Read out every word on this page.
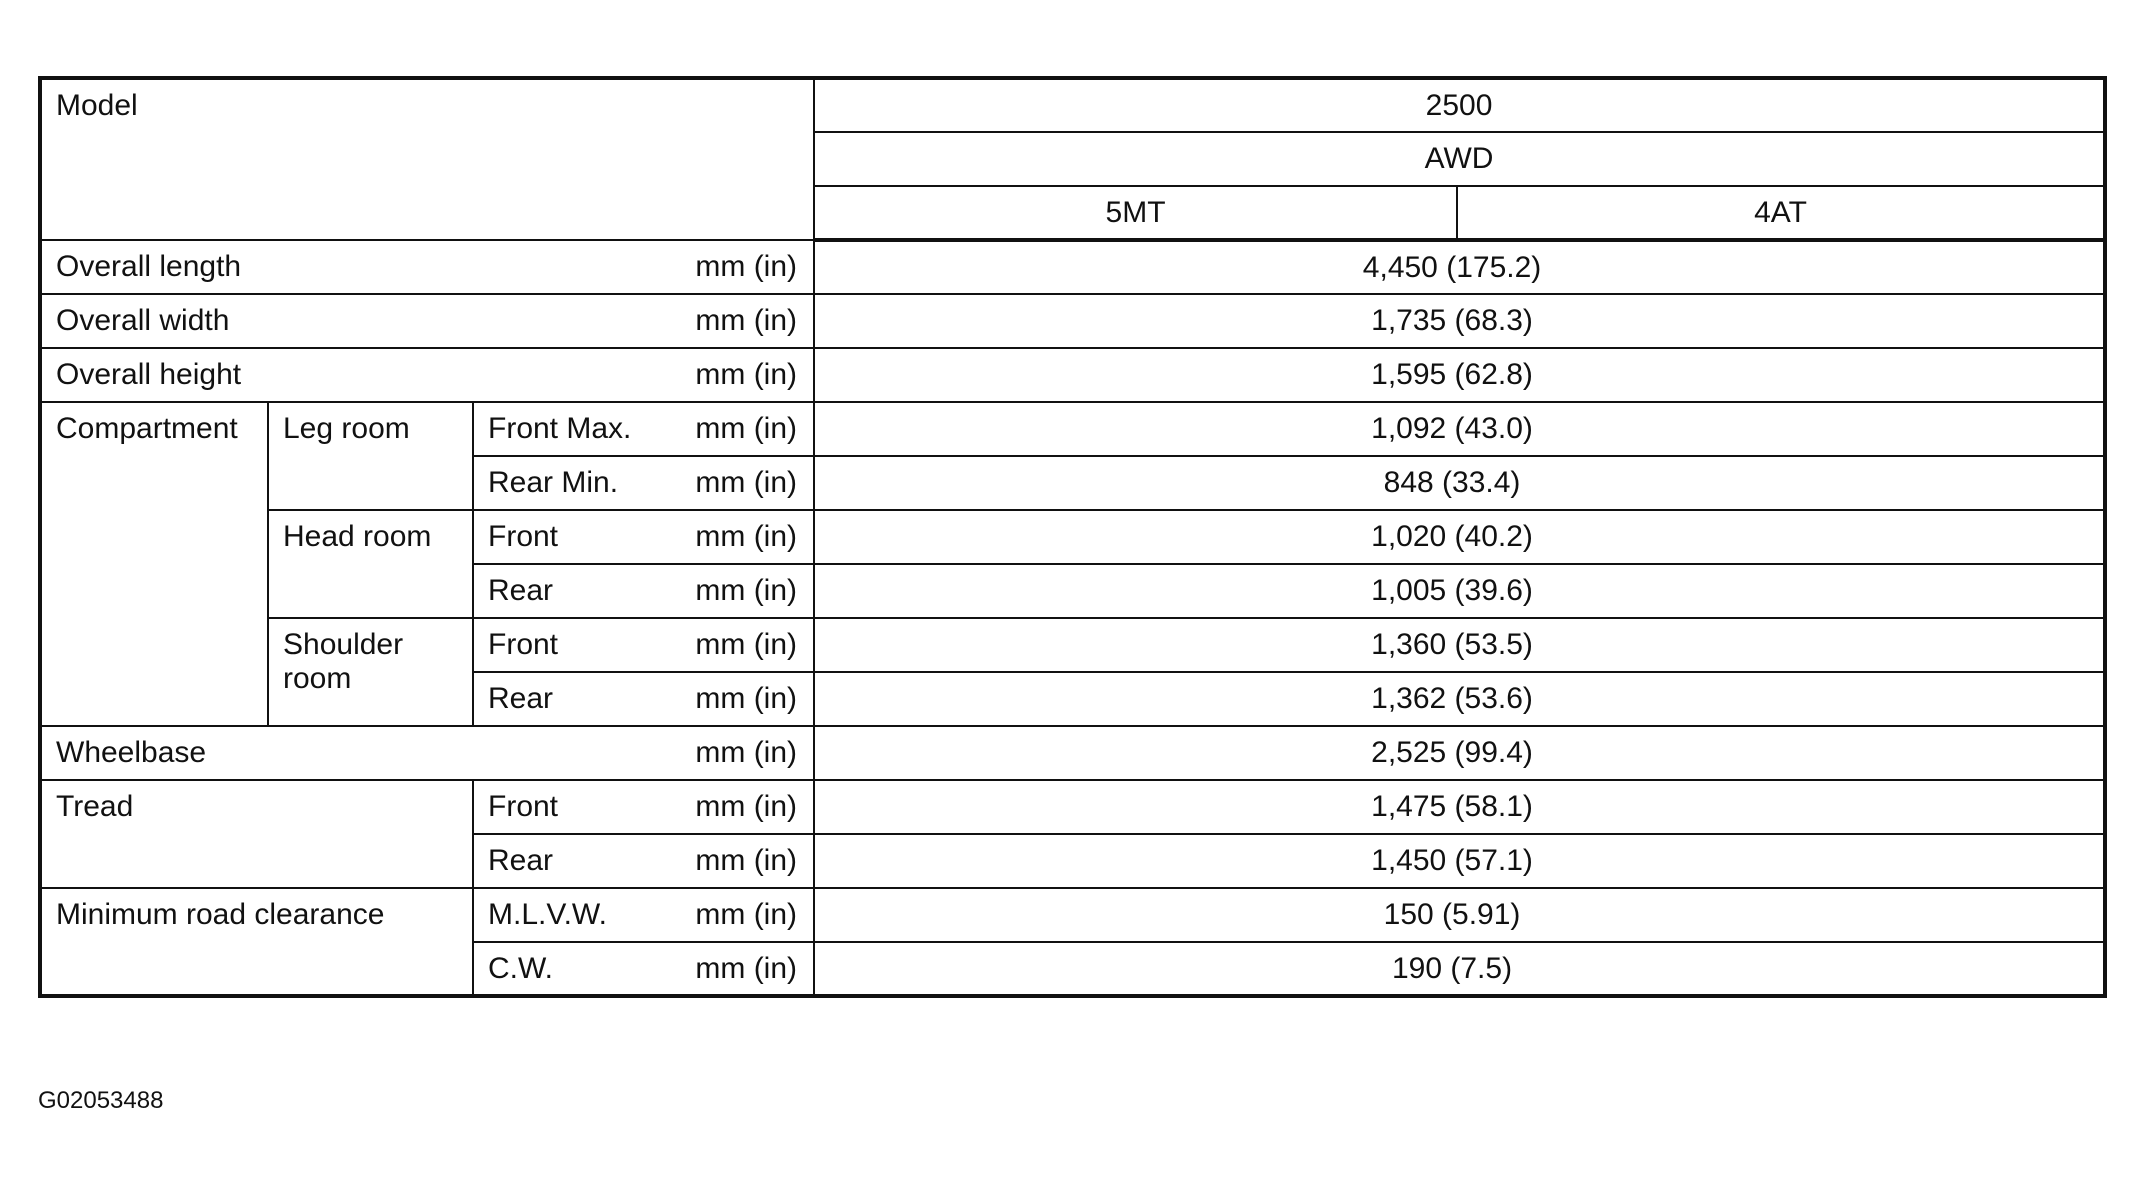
Model				2500	
				AWD	
				5MT	4AT
Overall length			mm (in)	4,450 (175.2)	
Overall width			mm (in)	1,735 (68.3)	
Overall height			mm (in)	1,595 (62.8)	
Compartment	Leg room	Front Max.	mm (in)	1,092 (43.0)	
		Rear Min.	mm (in)	848 (33.4)	
	Head room	Front	mm (in)	1,020 (40.2)	
		Rear	mm (in)	1,005 (39.6)	
	Shoulder room	Front	mm (in)	1,360 (53.5)	
		Rear	mm (in)	1,362 (53.6)	
Wheelbase			mm (in)	2,525 (99.4)	
Tread		Front	mm (in)	1,475 (58.1)	
		Rear	mm (in)	1,450 (57.1)	
Minimum road clearance		M.L.V.W.	mm (in)	150 (5.91)	
		C.W.	mm (in)	190 (7.5)	
G02053488
